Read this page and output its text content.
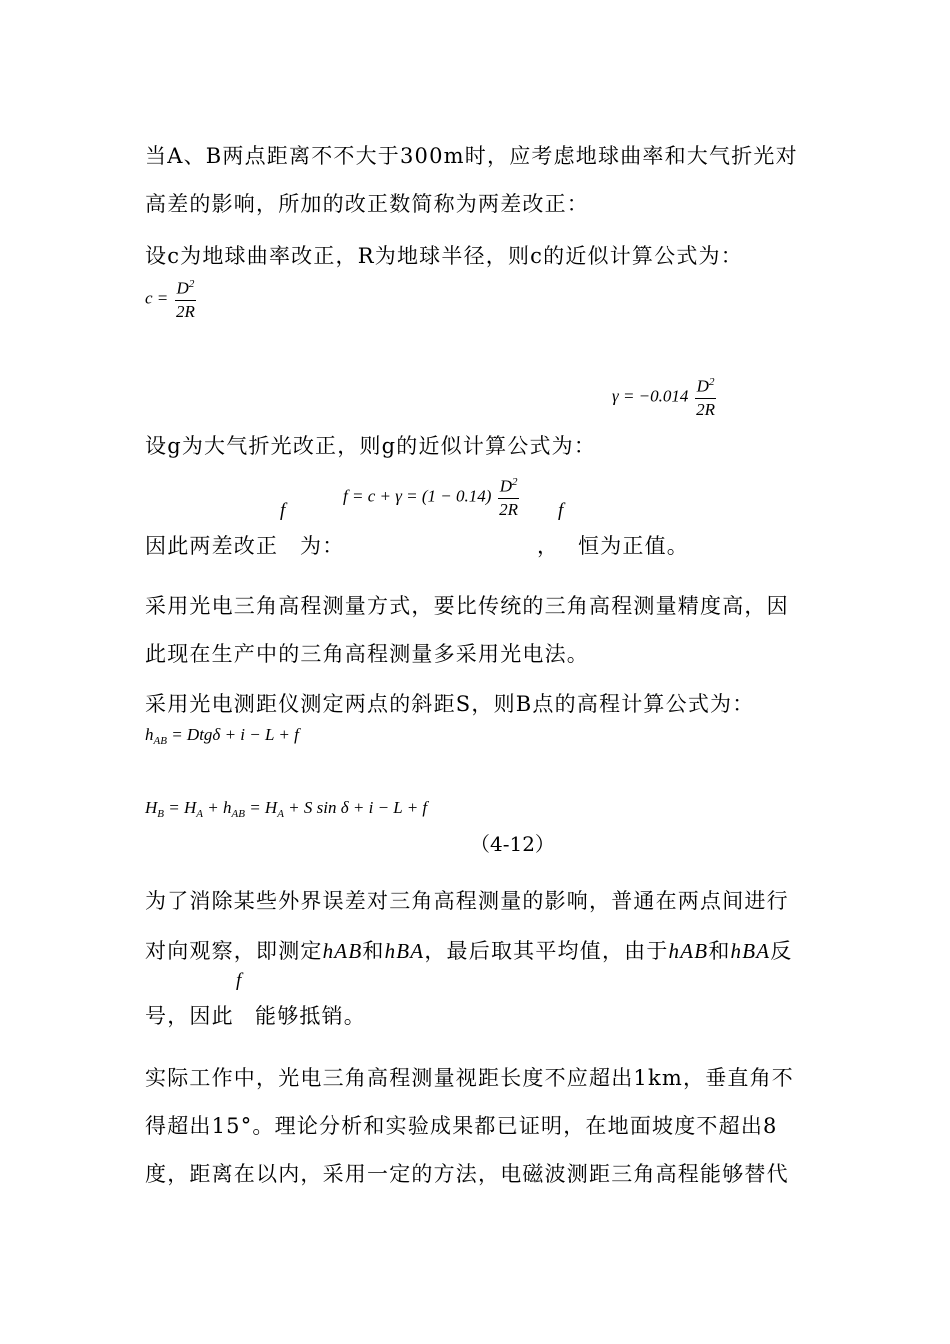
当A、B两点距离不不大于300m时，应考虑地球曲率和大气折光对
高差的影响，所加的改正数简称为两差改正：
设c为地球曲率改正，R为地球半径，则c的近似计算公式为：
$c = \frac{D^2}{2R}$
$\gamma = -0.014 \frac{D^2}{2R}$
设g为大气折光改正，则g的近似计算公式为：
f
$f = c + \gamma = (1 - 0.14) \frac{D^2}{2R}$ f
因此两差改正 为：	， 恒为正值。
采用光电三角高程测量方式，要比传统的三角高程测量精度高，因
此现在生产中的三角高程测量多采用光电法。
采用光电测距仪测定两点的斜距S，则B点的高程计算公式为：
$h_{AB} = Dtg\delta + i - L + f$
$H_B = H_A + h_{AB} = H_A + S$ sin δ + i − L + f
（4-12）
为了消除某些外界误差对三角高程测量的影响，普通在两点间进行
对向观察，即测定hAB和hBA，最后取其平均值，由于hAB和hBA反
f
号，因此 能够抵销。
实际工作中，光电三角高程测量视距长度不应超出1km，垂直角不
得超出15°。理论分析和实验成果都已证明，在地面坡度不超出8
度，距离在以内，采用一定的方法，电磁波测距三角高程能够替代
